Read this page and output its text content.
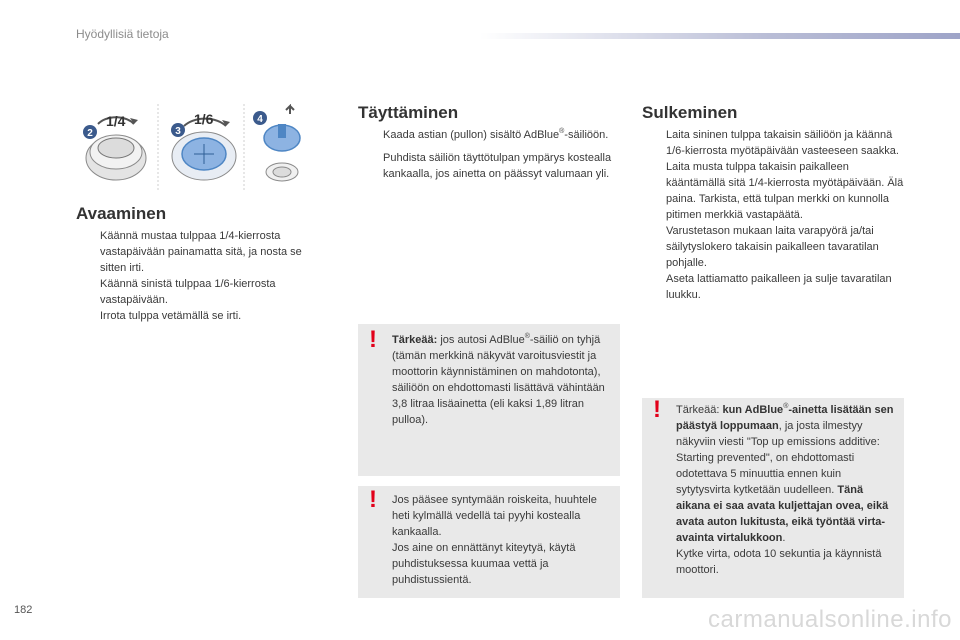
Hyödyllisiä tietoja
2
1/4
3
1/6	4
Avaaminen
Käännä mustaa tulppaa 1/4-kierrosta vastapäivään painamatta sitä, ja nosta se sitten irti.
Käännä sinistä tulppaa 1/6-kierrosta vastapäivään.
Irrota tulppa vetämällä se irti.
Täyttäminen
Kaada astian (pullon) sisältö AdBlue®-säiliöön.
Puhdista säiliön täyttötulpan ympärys kostealla kankaalla, jos ainetta on päässyt valumaan yli.
Sulkeminen
Laita sininen tulppa takaisin säiliöön ja käännä 1/6-kierrosta myötäpäivään vasteeseen saakka.
Laita musta tulppa takaisin paikalleen kääntämällä sitä 1/4-kierrosta myötäpäivään. Älä paina. Tarkista, että tulpan merkki on kunnolla pitimen merkkiä vastapäätä.
Varustetason mukaan laita varapyörä ja/tai säilytyslokero takaisin paikalleen tavaratilan pohjalle.
Aseta lattiamatto paikalleen ja sulje tavaratilan luukku.
! Tärkeää: jos autosi AdBlue®-säiliö on tyhjä (tämän merkkinä näkyvät varoitusviestit ja moottorin käynnistäminen on mahdotonta), säiliöön on ehdottomasti lisättävä vähintään 3,8 litraa lisäainetta (eli kaksi 1,89 litran pulloa).
! Jos pääsee syntymään roiskeita, huuhtele heti kylmällä vedellä tai pyyhi kostealla kankaalla.
Jos aine on ennättänyt kiteytyä, käytä puhdistuksessa kuumaa vettä ja puhdistussientä.
! Tärkeää: kun AdBlue®-ainetta lisätään sen päästyä loppumaan, ja josta ilmestyy näkyviin viesti "Top up emissions additive: Starting prevented", on ehdottomasti odotettava 5 minuuttia ennen kuin sytytysvirta kytketään uudelleen. Tänä aikana ei saa avata kuljettajan ovea, eikä avata auton lukitusta, eikä työntää virta-avainta virtalukkoon.
Kytke virta, odota 10 sekuntia ja käynnistä moottori.
182	carmanualsonline.info
